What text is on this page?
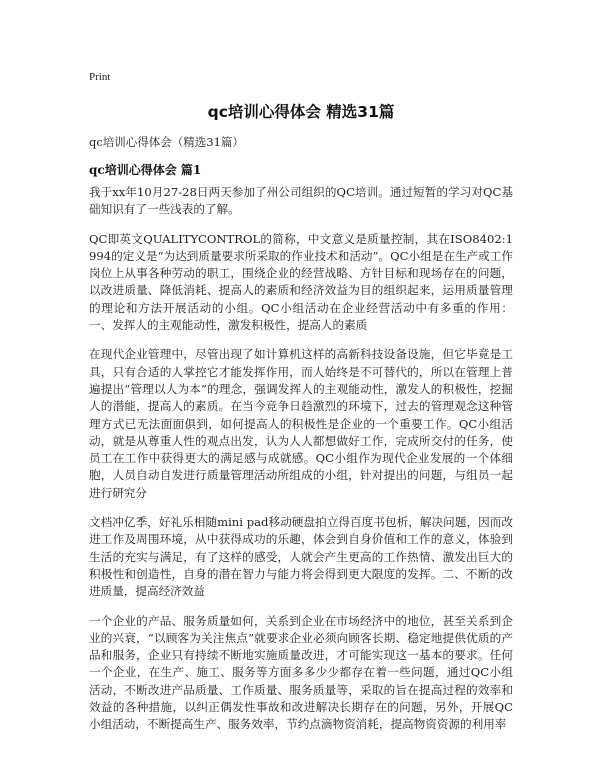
Print
qc培训心得体会 精选31篇

qc培训心得体会（精选31篇）

qc培训心得体会 篇1

我于xx年10月27-28日两天参加了州公司组织的QC培训。通过短暂的学习对QC基础知识有了一些浅表的了解。

QC即英文QUALITYCONTROL的简称，中文意义是质量控制，其在ISO8402:1994的定义是“为达到质量要求所采取的作业技术和活动”。QC小组是在生产或工作岗位上从事各种劳动的职工，围绕企业的经营战略、方针目标和现场存在的问题，以改进质量、降低消耗、提高人的素质和经济效益为目的组织起来，运用质量管理的理论和方法开展活动的小组。QC小组活动在企业经营活动中有多重的作用：一、发挥人的主观能动性，激发积极性，提高人的素质

在现代企业管理中，尽管出现了如计算机这样的高新科技设备设施，但它毕竟是工具，只有合适的人掌控它才能发挥作用，而人始终是不可替代的，所以在管理上普遍提出“管理以人为本”的理念，强调发挥人的主观能动性，激发人的积极性，挖掘人的潜能，提高人的素质。在当今竞争日趋激烈的环境下，过去的管理观念这种管理方式已无法面面俱到，如何提高人的积极性是企业的一个重要工作。QC小组活动，就是从尊重人性的观点出发，认为人人都想做好工作，完成所交付的任务，使员工在工作中获得更大的满足感与成就感。QC小组作为现代企业发展的一个体细胞，人员自动自发进行质量管理活动所组成的小组，针对提出的问题，与组员一起进行研究分

文档冲亿季，好礼乐相随mini pad移动硬盘拍立得百度书包析，解决问题，因而改进工作及周围环境，从中获得成功的乐趣，体会到自身价值和工作的意义，体验到生活的充实与满足，有了这样的感受，人就会产生更高的工作热情、激发出巨大的积极性和创造性，自身的潜在智力与能力将会得到更大限度的发挥。二、不断的改进质量，提高经济效益

一个企业的产品、服务质量如何，关系到企业在市场经济中的地位，甚至关系到企业的兴衰，“以顾客为关注焦点”就要求企业必须向顾客长期、稳定地提供优质的产品和服务，企业只有持续不断地实施质量改进，才可能实现这一基本的要求。任何一个企业，在生产、施工、服务等方面多多少少都存在着一些问题，通过QC小组活动，不断改进产品质量、工作质量、服务质量等，采取的旨在提高过程的效率和效益的各种措施，以纠正偶发性事故和改进解决长期存在的问题，另外，开展QC小组活动，不断提高生产、服务效率，节约点滴物资消耗，提高物资资源的利用率
